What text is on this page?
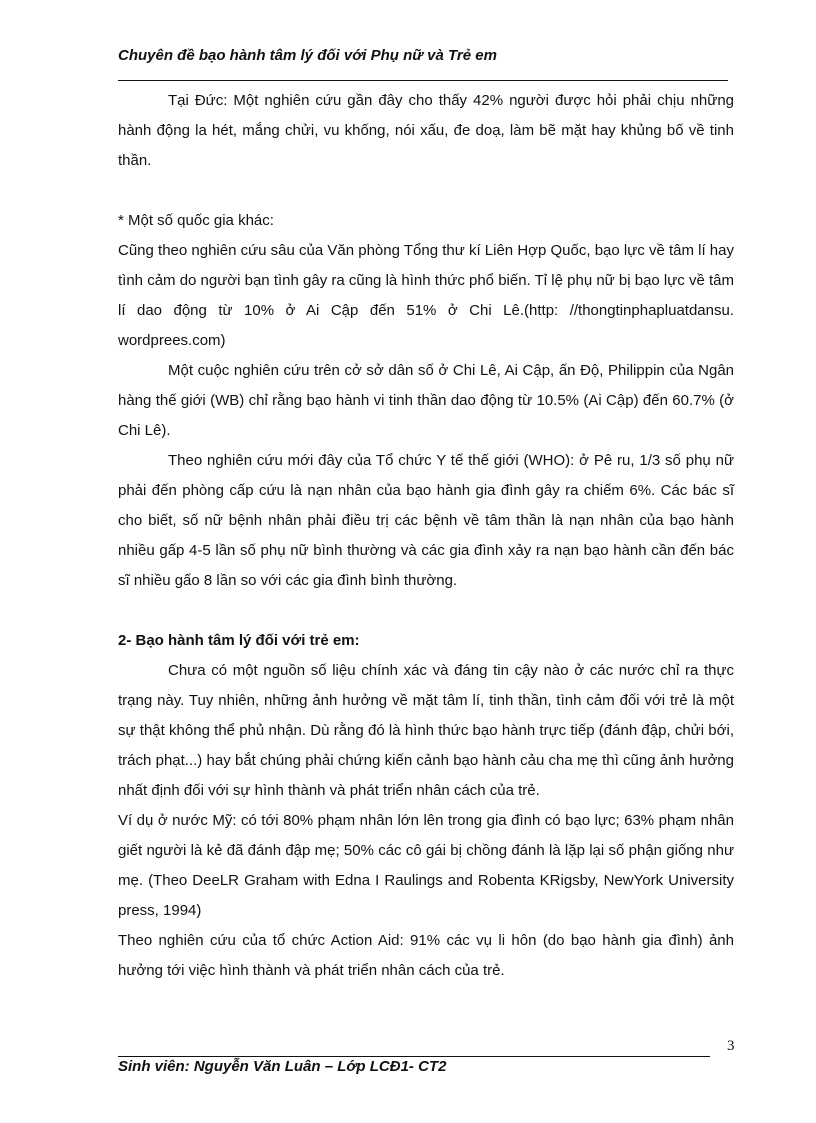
Chuyên đề bạo hành tâm lý đối với Phụ nữ và Trẻ em

Tại Đức: Một nghiên cứu gần đây cho thấy 42% người được hỏi phải chịu những hành động la hét, mắng chửi, vu khống, nói xấu, đe doạ, làm bẽ mặt hay khủng bố về tinh thần.

* Một số quốc gia khác:

Cũng theo nghiên cứu sâu của Văn phòng Tổng thư kí Liên Hợp Quốc, bạo lực về tâm lí hay tình cảm do người bạn tình gây ra cũng là hình thức phổ biến. Tỉ lệ phụ nữ bị bạo lực về tâm lí dao động từ 10% ở Ai Cập đến 51% ở Chi Lê.(http: //thongtinphapluatdansu. wordprees.com)

Một cuộc nghiên cứu trên cở sở dân số ở Chi Lê, Ai Cập, ấn Độ, Philippin của Ngân hàng thế giới (WB) chỉ rằng bạo hành vi tinh thần dao động từ 10.5% (Ai Cập) đến 60.7% (ở Chi Lê).

Theo nghiên cứu mới đây của Tổ chức Y tế thế giới (WHO): ở Pê ru, 1/3 số phụ nữ phải đến phòng cấp cứu là nạn nhân của bạo hành gia đình gây ra chiếm 6%. Các bác sĩ cho biết, số nữ bệnh nhân phải điều trị các bệnh về tâm thần là nạn nhân của bạo hành nhiều gấp 4-5 lần số phụ nữ bình thường và các gia đình xảy ra nạn bạo hành cần đến bác sĩ nhiều gấo 8 lần so với các gia đình bình thường.

2- Bạo hành tâm lý đối với trẻ em:

Chưa có một nguồn số liệu chính xác và đáng tin cậy nào ở các nước chỉ ra thực trạng này. Tuy nhiên, những ảnh hưởng về mặt tâm lí, tinh thần, tình cảm đối với trẻ là một sự thật không thể phủ nhận. Dù rằng đó là hình thức bạo hành trực tiếp (đánh đập, chửi bới, trách phạt...) hay bắt chúng phải chứng kiến cảnh bạo hành cảu cha mẹ thì cũng ảnh hưởng nhất định đối với sự hình thành và phát triển nhân cách của trẻ.

Ví dụ ở nước Mỹ: có tới 80% phạm nhân lớn lên trong gia đình có bạo lực; 63% phạm nhân giết người là kẻ đã đánh đập mẹ; 50% các cô gái bị chồng đánh là lặp lại số phận giống như mẹ. (Theo DeeLR Graham with Edna I Raulings and Robenta KRigsby, NewYork University press, 1994)

Theo nghiên cứu của tổ chức Action Aid: 91% các vụ li hôn (do bạo hành gia đình) ảnh hưởng tới việc hình thành và phát triển nhân cách của trẻ.

3
Sinh viên: Nguyễn Văn Luân – Lớp LCĐ1- CT2
